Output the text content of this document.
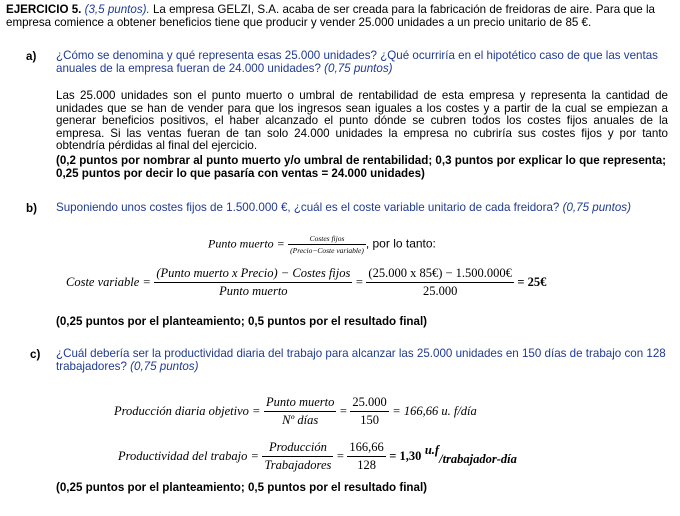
EJERCICIO 5. (3,5 puntos). La empresa GELZI, S.A. acaba de ser creada para la fabricación de freidoras de aire. Para que la empresa comience a obtener beneficios tiene que producir y vender 25.000 unidades a un precio unitario de 85 €.
a) ¿Cómo se denomina y qué representa esas 25.000 unidades? ¿Qué ocurriría en el hipotético caso de que las ventas anuales de la empresa fueran de 24.000 unidades? (0,75 puntos)
Las 25.000 unidades son el punto muerto o umbral de rentabilidad de esta empresa y representa la cantidad de unidades que se han de vender para que los ingresos sean iguales a los costes y a partir de la cual se empiezan a generar beneficios positivos, el haber alcanzado el punto dónde se cubren todos los costes fijos anuales de la empresa. Si las ventas fueran de tan solo 24.000 unidades la empresa no cubriría sus costes fijos y por tanto obtendría pérdidas al final del ejercicio.
(0,2 puntos por nombrar al punto muerto y/o umbral de rentabilidad; 0,3 puntos por explicar lo que representa; 0,25 puntos por decir lo que pasaría con ventas = 24.000 unidades)
b) Suponiendo unos costes fijos de 1.500.000 €, ¿cuál es el coste variable unitario de cada freidora? (0,75 puntos)
Punto muerto = $\frac{\text{Costes fijos}}{\text{(Precio−Coste variable)}}$ , por lo tanto:
Coste variable = $\frac{\text{(Punto muerto x Precio) − Costes fijos}}{\text{Punto muerto}} = \frac{(25.000 x 85€) - 1.500.000€}{25.000}$ = 25€
(0,25 puntos por el planteamiento; 0,5 puntos por el resultado final)
c) ¿Cuál debería ser la productividad diaria del trabajo para alcanzar las 25.000 unidades en 150 días de trabajo con 128 trabajadores? (0,75 puntos)
Producción diaria objetivo = $\frac{\text{Punto muerto}}{\text{Nº días}} = \frac{25.000}{150} = 166,66$ u. f/día
Productividad del trabajo = $\frac{\text{Producción}}{\text{Trabajadores}} = \frac{166,66}{128} = 1,30$ u.f/trabajador-día
(0,25 puntos por el planteamiento; 0,5 puntos por el resultado final)
